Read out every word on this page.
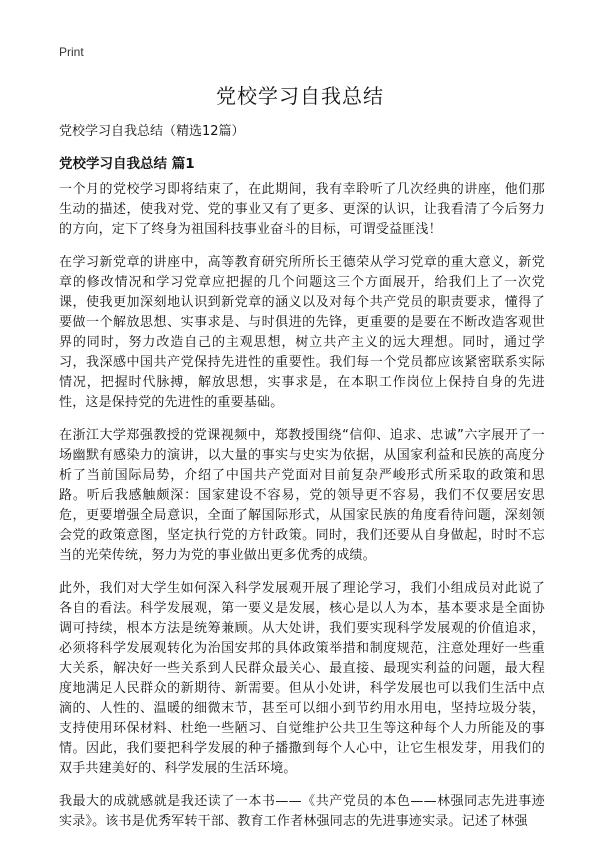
Print
党校学习自我总结

党校学习自我总结（精选12篇）

党校学习自我总结 篇1

一个月的党校学习即将结束了，在此期间，我有幸聆听了几次经典的讲座，他们那生动的描述，使我对党、党的事业又有了更多、更深的认识，让我看清了今后努力的方向，定下了终身为祖国科技事业奋斗的目标，可谓受益匪浅！

在学习新党章的讲座中，高等教育研究所所长王德荣从学习党章的重大意义，新党章的修改情况和学习党章应把握的几个问题这三个方面展开，给我们上了一次党课，使我更加深刻地认识到新党章的涵义以及对每个共产党员的职责要求，懂得了要做一个解放思想、实事求是、与时俱进的先锋，更重要的是要在不断改造客观世界的同时，努力改造自己的主观思想，树立共产主义的远大理想。同时，通过学习，我深感中国共产党保持先进性的重要性。我们每一个党员都应该紧密联系实际情况，把握时代脉搏，解放思想，实事求是，在本职工作岗位上保持自身的先进性，这是保持党的先进性的重要基础。

在浙江大学郑强教授的党课视频中，郑教授围绕“信仰、追求、忠诚”六字展开了一场幽默有感染力的演讲，以大量的事实与史实为依据，从国家利益和民族的高度分析了当前国际局势，介绍了中国共产党面对目前复杂严峻形式所采取的政策和思路。听后我感触颇深：国家建设不容易，党的领导更不容易，我们不仅要居安思危，更要增强全局意识，全面了解国际形式，从国家民族的角度看待问题，深刻领会党的政策意图，坚定执行党的方针政策。同时，我们还要从自身做起，时时不忘当的光荣传统，努力为党的事业做出更多优秀的成绩。

此外，我们对大学生如何深入科学发展观开展了理论学习，我们小组成员对此说了各自的看法。科学发展观，第一要义是发展，核心是以人为本，基本要求是全面协调可持续，根本方法是统筹兼顾。从大处讲，我们要实现科学发展观的价值追求，必须将科学发展观转化为治国安邦的具体政策举措和制度规范，注意处理好一些重大关系，解决好一些关系到人民群众最关心、最直接、最现实利益的问题，最大程度地满足人民群众的新期待、新需要。但从小处讲，科学发展也可以我们生活中点滴的、人性的、温暖的细微末节，甚至可以细小到节约用水用电，坚持垃圾分装，支持使用环保材料、杜绝一些陋习、自觉维护公共卫生等这种每个人力所能及的事情。因此，我们要把科学发展的种子播撒到每个人心中，让它生根发芽，用我们的双手共建美好的、科学发展的生活环境。

我最大的成就感就是我还读了一本书——《共产党员的本色——林强同志先进事迹实录》。该书是优秀军转干部、教育工作者林强同志的先进事迹实录。记述了林强
